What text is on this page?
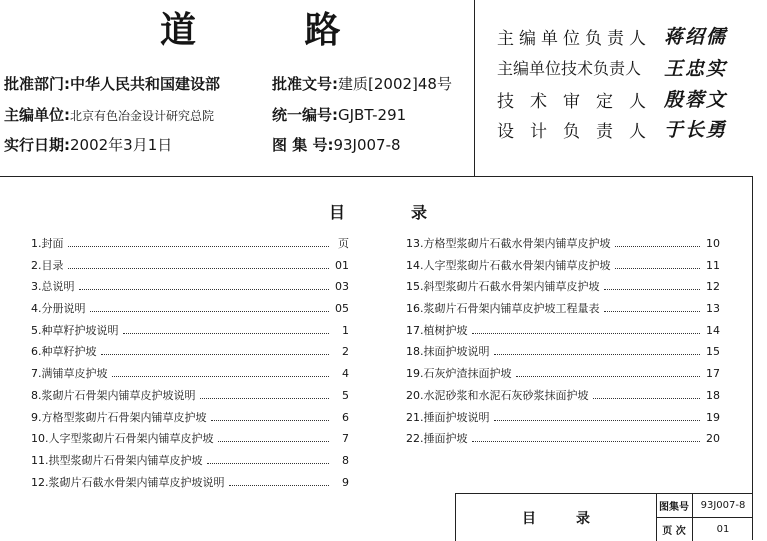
道 路
批准部门:中华人民共和国建设部
主编单位:北京有色冶金设计研究总院
实行日期:2002年3月1日
批准文号:建质[2002]48号
统一编号:GJBT-291
图 集 号:93J007-8
主编单位负责人 蒋绍儒
主编单位技术负责人 王忠实
技术审定人 殷蓉文
设计负责人 于长勇
目	录
1. 封面	页
2. 目录	01
3. 总说明	03
4. 分册说明	05
5. 种草籽护坡说明	1
6. 种草籽护坡	2
7. 满铺草皮护坡	4
8. 浆砌片石骨架内铺草皮护坡说明	5
9. 方格型浆砌片石骨架内铺草皮护坡	6
10. 人字型浆砌片石骨架内铺草皮护坡	7
11. 拱型浆砌片石骨架内铺草皮护坡	8
12. 浆砌片石截水骨架内铺草皮护坡说明	9
13. 方格型浆砌片石截水骨架内铺草皮护坡	10
14. 人字型浆砌片石截水骨架内铺草皮护坡	11
15. 斜型浆砌片石截水骨架内铺草皮护坡	12
16. 浆砌片石骨架内铺草皮护坡工程量表	13
17. 植树护坡	14
18. 抹面护坡说明	15
19. 石灰炉渣抹面护坡	17
20. 水泥砂浆和水泥石灰砂浆抹面护坡	18
21. 捶面护坡说明	19
22. 捶面护坡	20
目录
图集号	93J007-8
页 次	01
